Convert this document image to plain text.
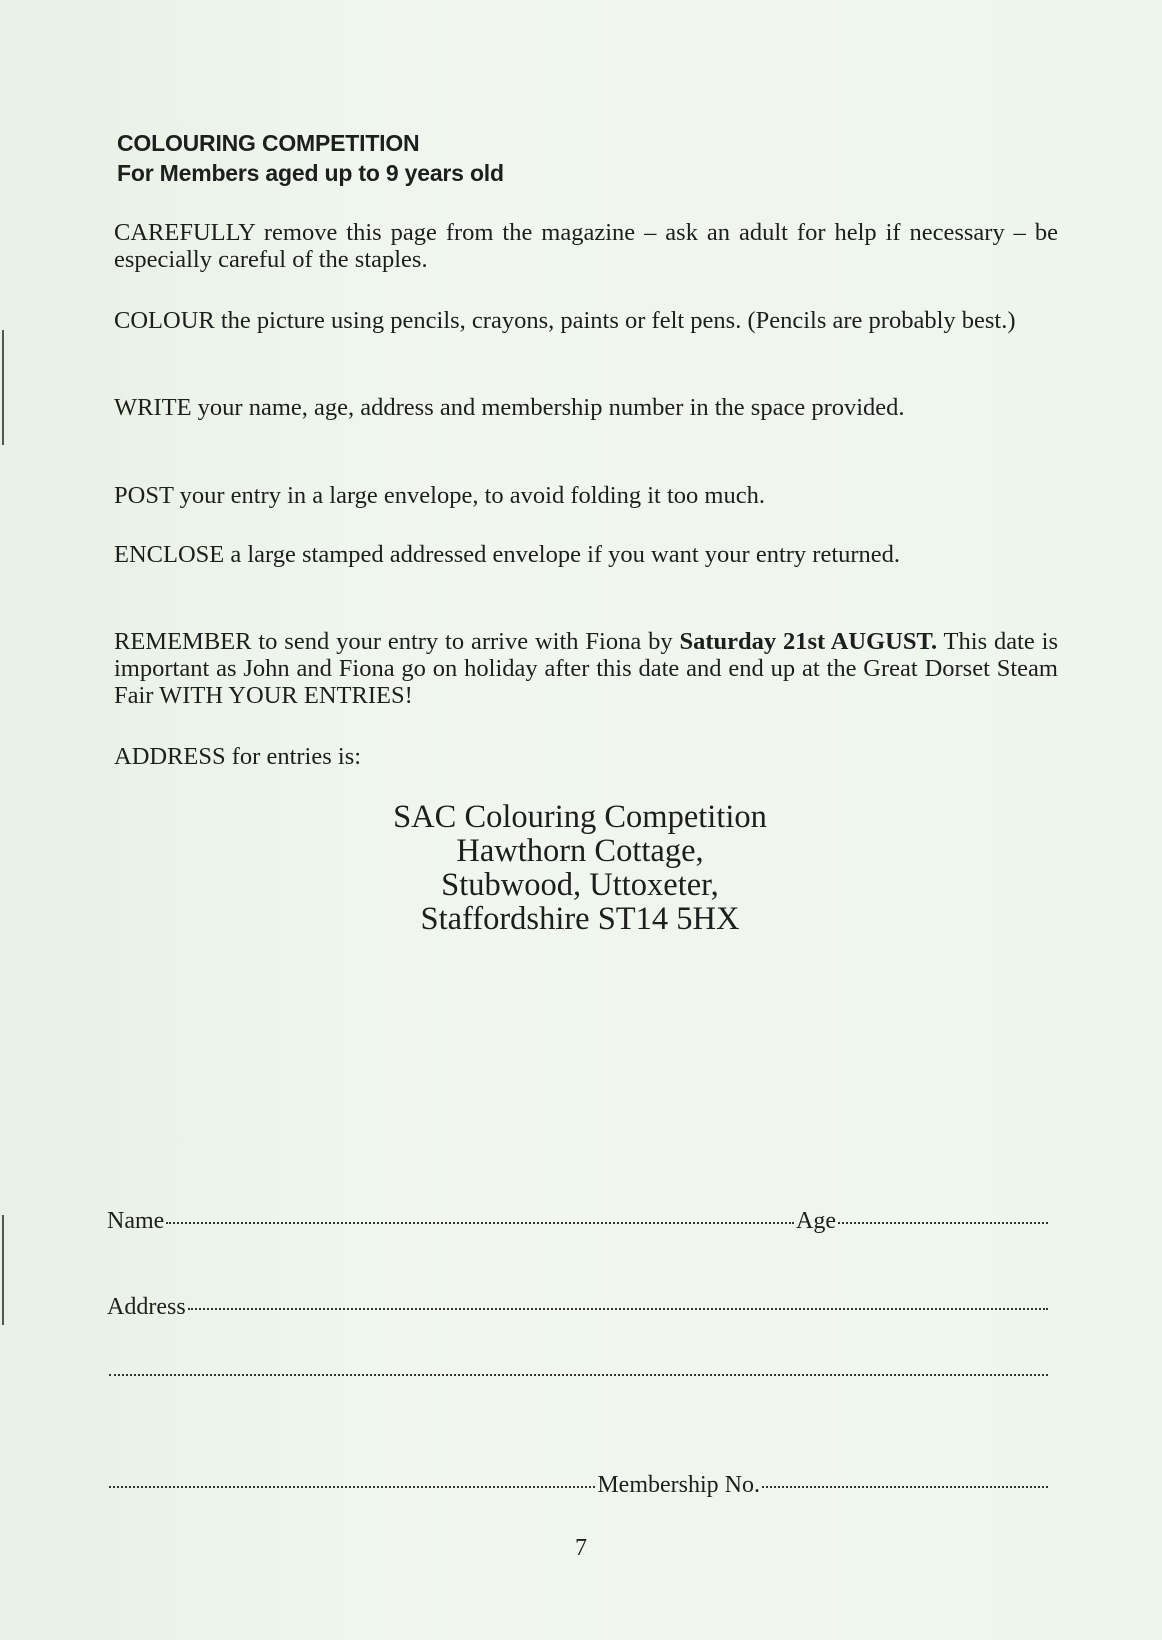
COLOURING COMPETITION
For Members aged up to 9 years old
CAREFULLY remove this page from the magazine – ask an adult for help if necessary – be especially careful of the staples.
COLOUR the picture using pencils, crayons, paints or felt pens. (Pencils are probably best.)
WRITE your name, age, address and membership number in the space provided.
POST your entry in a large envelope, to avoid folding it too much.
ENCLOSE a large stamped addressed envelope if you want your entry returned.
REMEMBER to send your entry to arrive with Fiona by Saturday 21st AUGUST. This date is important as John and Fiona go on holiday after this date and end up at the Great Dorset Steam Fair WITH YOUR ENTRIES!
ADDRESS for entries is:
SAC Colouring Competition
Hawthorn Cottage,
Stubwood, Uttoxeter,
Staffordshire ST14 5HX
Name	Age
Address
Membership No.
7
